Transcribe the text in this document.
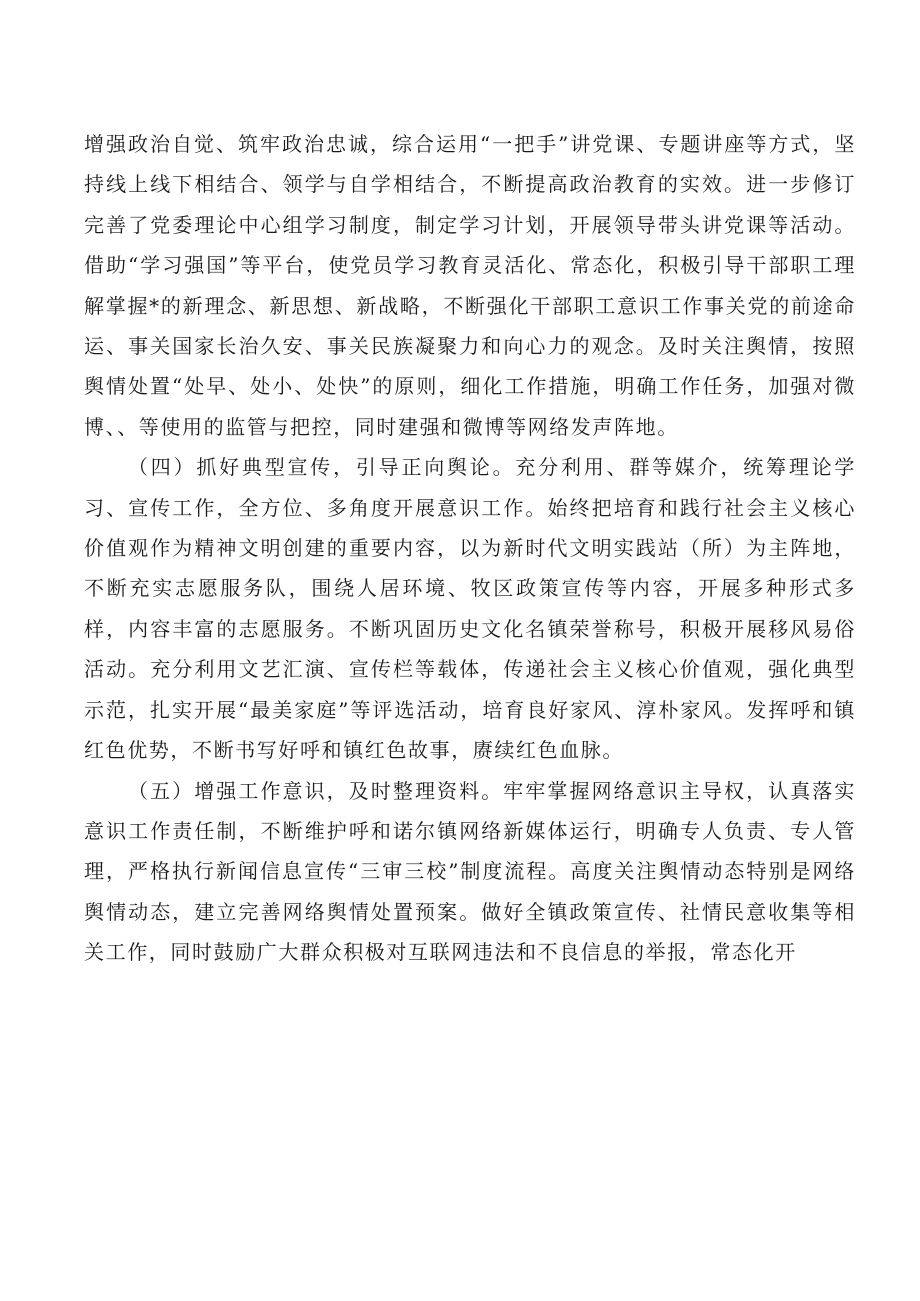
增强政治自觉、筑牢政治忠诚，综合运用“一把手”讲党课、专题讲座等方式，坚持线上线下相结合、领学与自学相结合，不断提高政治教育的实效。进一步修订完善了党委理论中心组学习制度，制定学习计划，开展领导带头讲党课等活动。借助“学习强国”等平台，使党员学习教育灵活化、常态化，积极引导干部职工理解掌握*的新理念、新思想、新战略，不断强化干部职工意识工作事关党的前途命运、事关国家长治久安、事关民族凝聚力和向心力的观念。及时关注舆情，按照舆情处置“处早、处小、处快”的原则，细化工作措施，明确工作任务，加强对微博、、等使用的监管与把控，同时建强和微博等网络发声阵地。

（四）抓好典型宣传，引导正向舆论。充分利用、群等媒介，统筹理论学习、宣传工作，全方位、多角度开展意识工作。始终把培育和践行社会主义核心价值观作为精神文明创建的重要内容，以为新时代文明实践站（所）为主阵地，不断充实志愿服务队，围绕人居环境、牧区政策宣传等内容，开展多种形式多样，内容丰富的志愿服务。不断巩固历史文化名镇荣誉称号，积极开展移风易俗活动。充分利用文艺汇演、宣传栏等载体，传递社会主义核心价值观，强化典型示范，扎实开展“最美家庭”等评选活动，培育良好家风、淳朴家风。发挥呼和镇红色优势，不断书写好呼和镇红色故事，赓续红色血脉。

（五）增强工作意识，及时整理资料。牢牢掌握网络意识主导权，认真落实意识工作责任制，不断维护呼和诺尔镇网络新媒体运行，明确专人负责、专人管理，严格执行新闻信息宣传“三审三校”制度流程。高度关注舆情动态特别是网络舆情动态，建立完善网络舆情处置预案。做好全镇政策宣传、社情民意收集等相关工作，同时鼓励广大群众积极对互联网违法和不良信息的举报，常态化开
